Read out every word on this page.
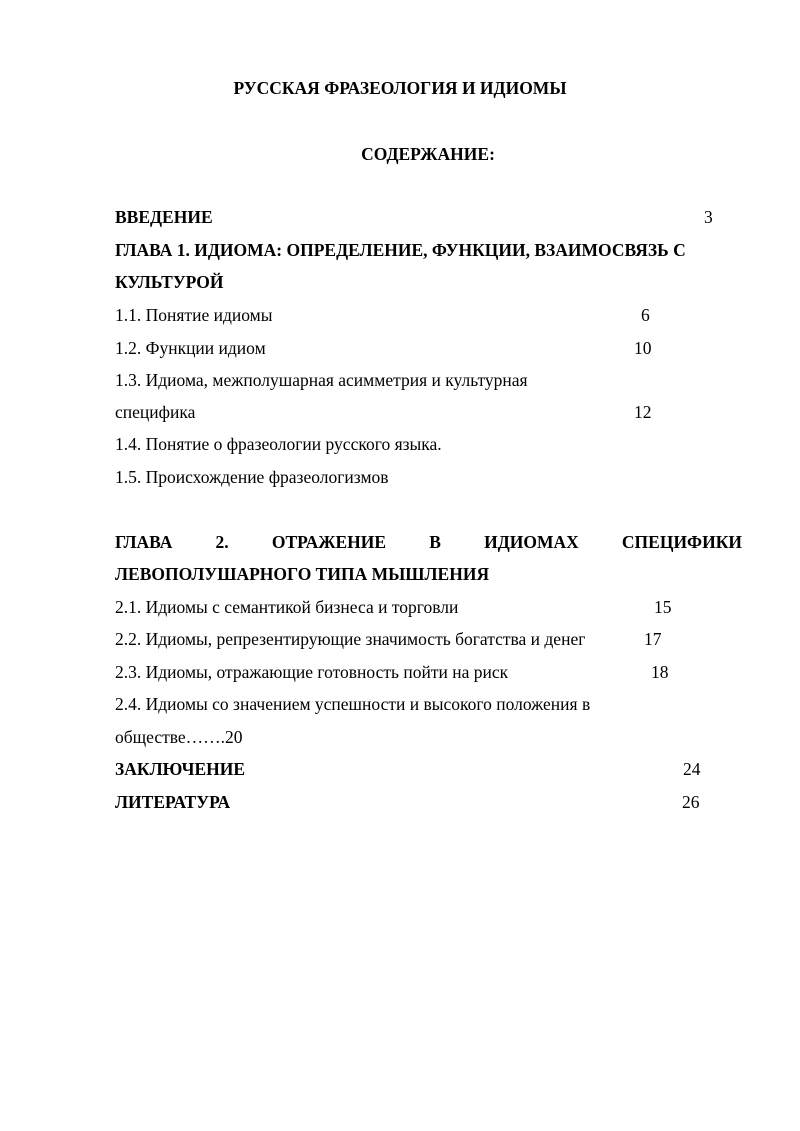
РУССКАЯ ФРАЗЕОЛОГИЯ И ИДИОМЫ
СОДЕРЖАНИЕ:
ВВЕДЕНИЕ	3
ГЛАВА 1. ИДИОМА: ОПРЕДЕЛЕНИЕ, ФУНКЦИИ, ВЗАИМОСВЯЗЬ С
КУЛЬТУРОЙ
1.1. Понятие идиомы	6
1.2. Функции идиом	10
1.3. Идиома, межполушарная асимметрия и культурная
специфика	12
1.4. Понятие о фразеологии русского языка.
1.5. Происхождение фразеологизмов
ГЛАВА 2. ОТРАЖЕНИЕ В ИДИОМАХ СПЕЦИФИКИ
ЛЕВОПОЛУШАРНОГО ТИПА МЫШЛЕНИЯ
2.1. Идиомы с семантикой бизнеса и торговли	15
2.2. Идиомы, репрезентирующие значимость богатства и денег	17
2.3. Идиомы, отражающие готовность пойти на риск	18
2.4. Идиомы со значением успешности и высокого положения в
обществе…….20
ЗАКЛЮЧЕНИЕ	24
ЛИТЕРАТУРА	26
